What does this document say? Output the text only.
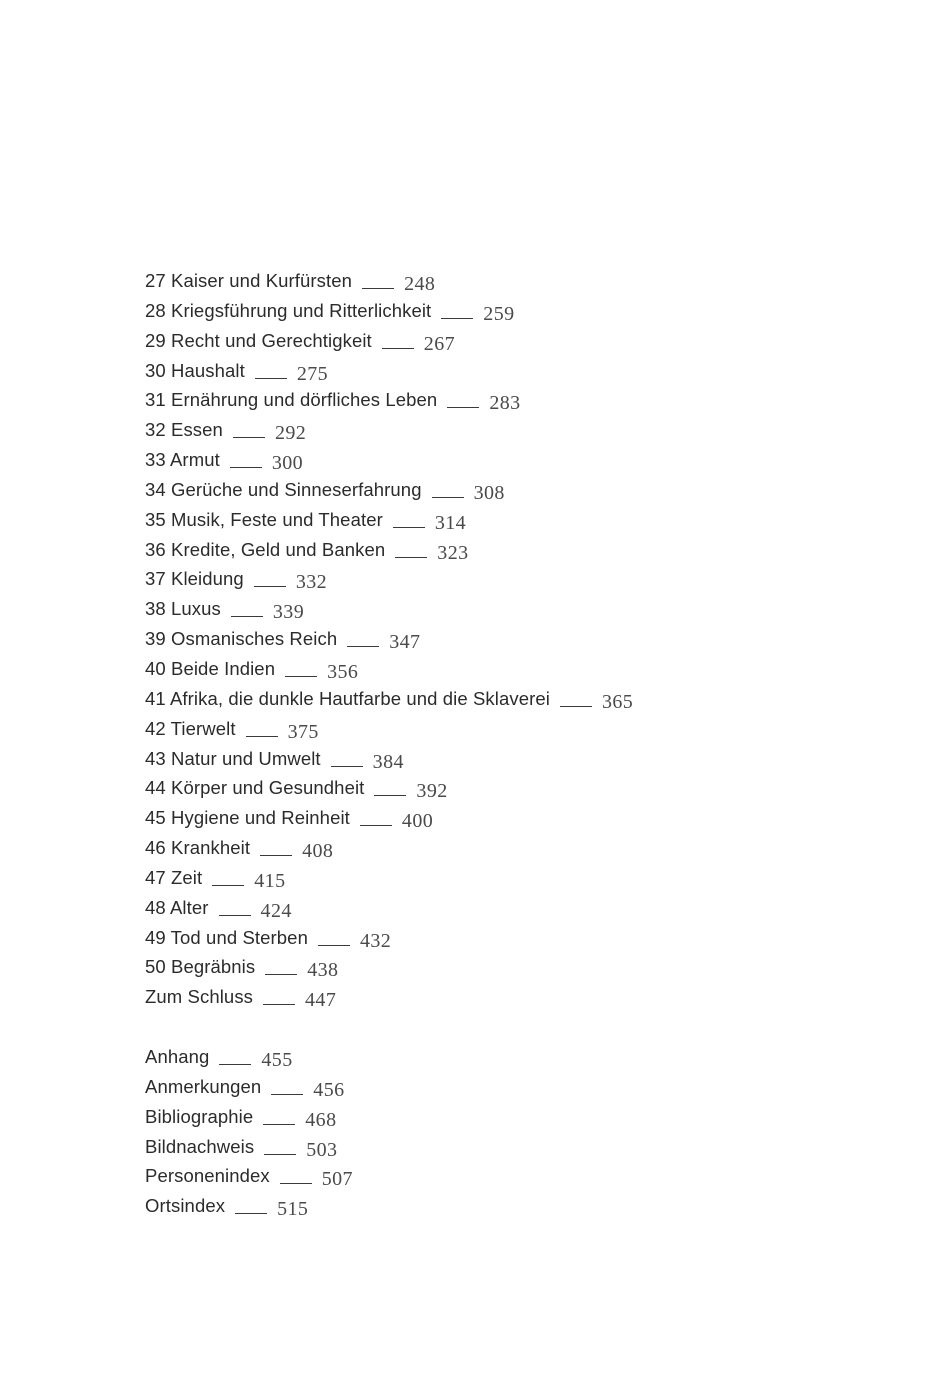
27 Kaiser und Kurfürsten	248
28 Kriegsführung und Ritterlichkeit	259
29 Recht und Gerechtigkeit	267
30 Haushalt	275
31 Ernährung und dörfliches Leben	283
32 Essen	292
33 Armut	300
34 Gerüche und Sinneserfahrung	308
35 Musik, Feste und Theater	314
36 Kredite, Geld und Banken	323
37 Kleidung	332
38 Luxus	339
39 Osmanisches Reich	347
40 Beide Indien	356
41 Afrika, die dunkle Hautfarbe und die Sklaverei	365
42 Tierwelt	375
43 Natur und Umwelt	384
44 Körper und Gesundheit	392
45 Hygiene und Reinheit	400
46 Krankheit	408
47 Zeit	415
48 Alter	424
49 Tod und Sterben	432
50 Begräbnis	438
Zum Schluss	447
Anhang	455
Anmerkungen	456
Bibliographie	468
Bildnachweis	503
Personenindex	507
Ortsindex	515
